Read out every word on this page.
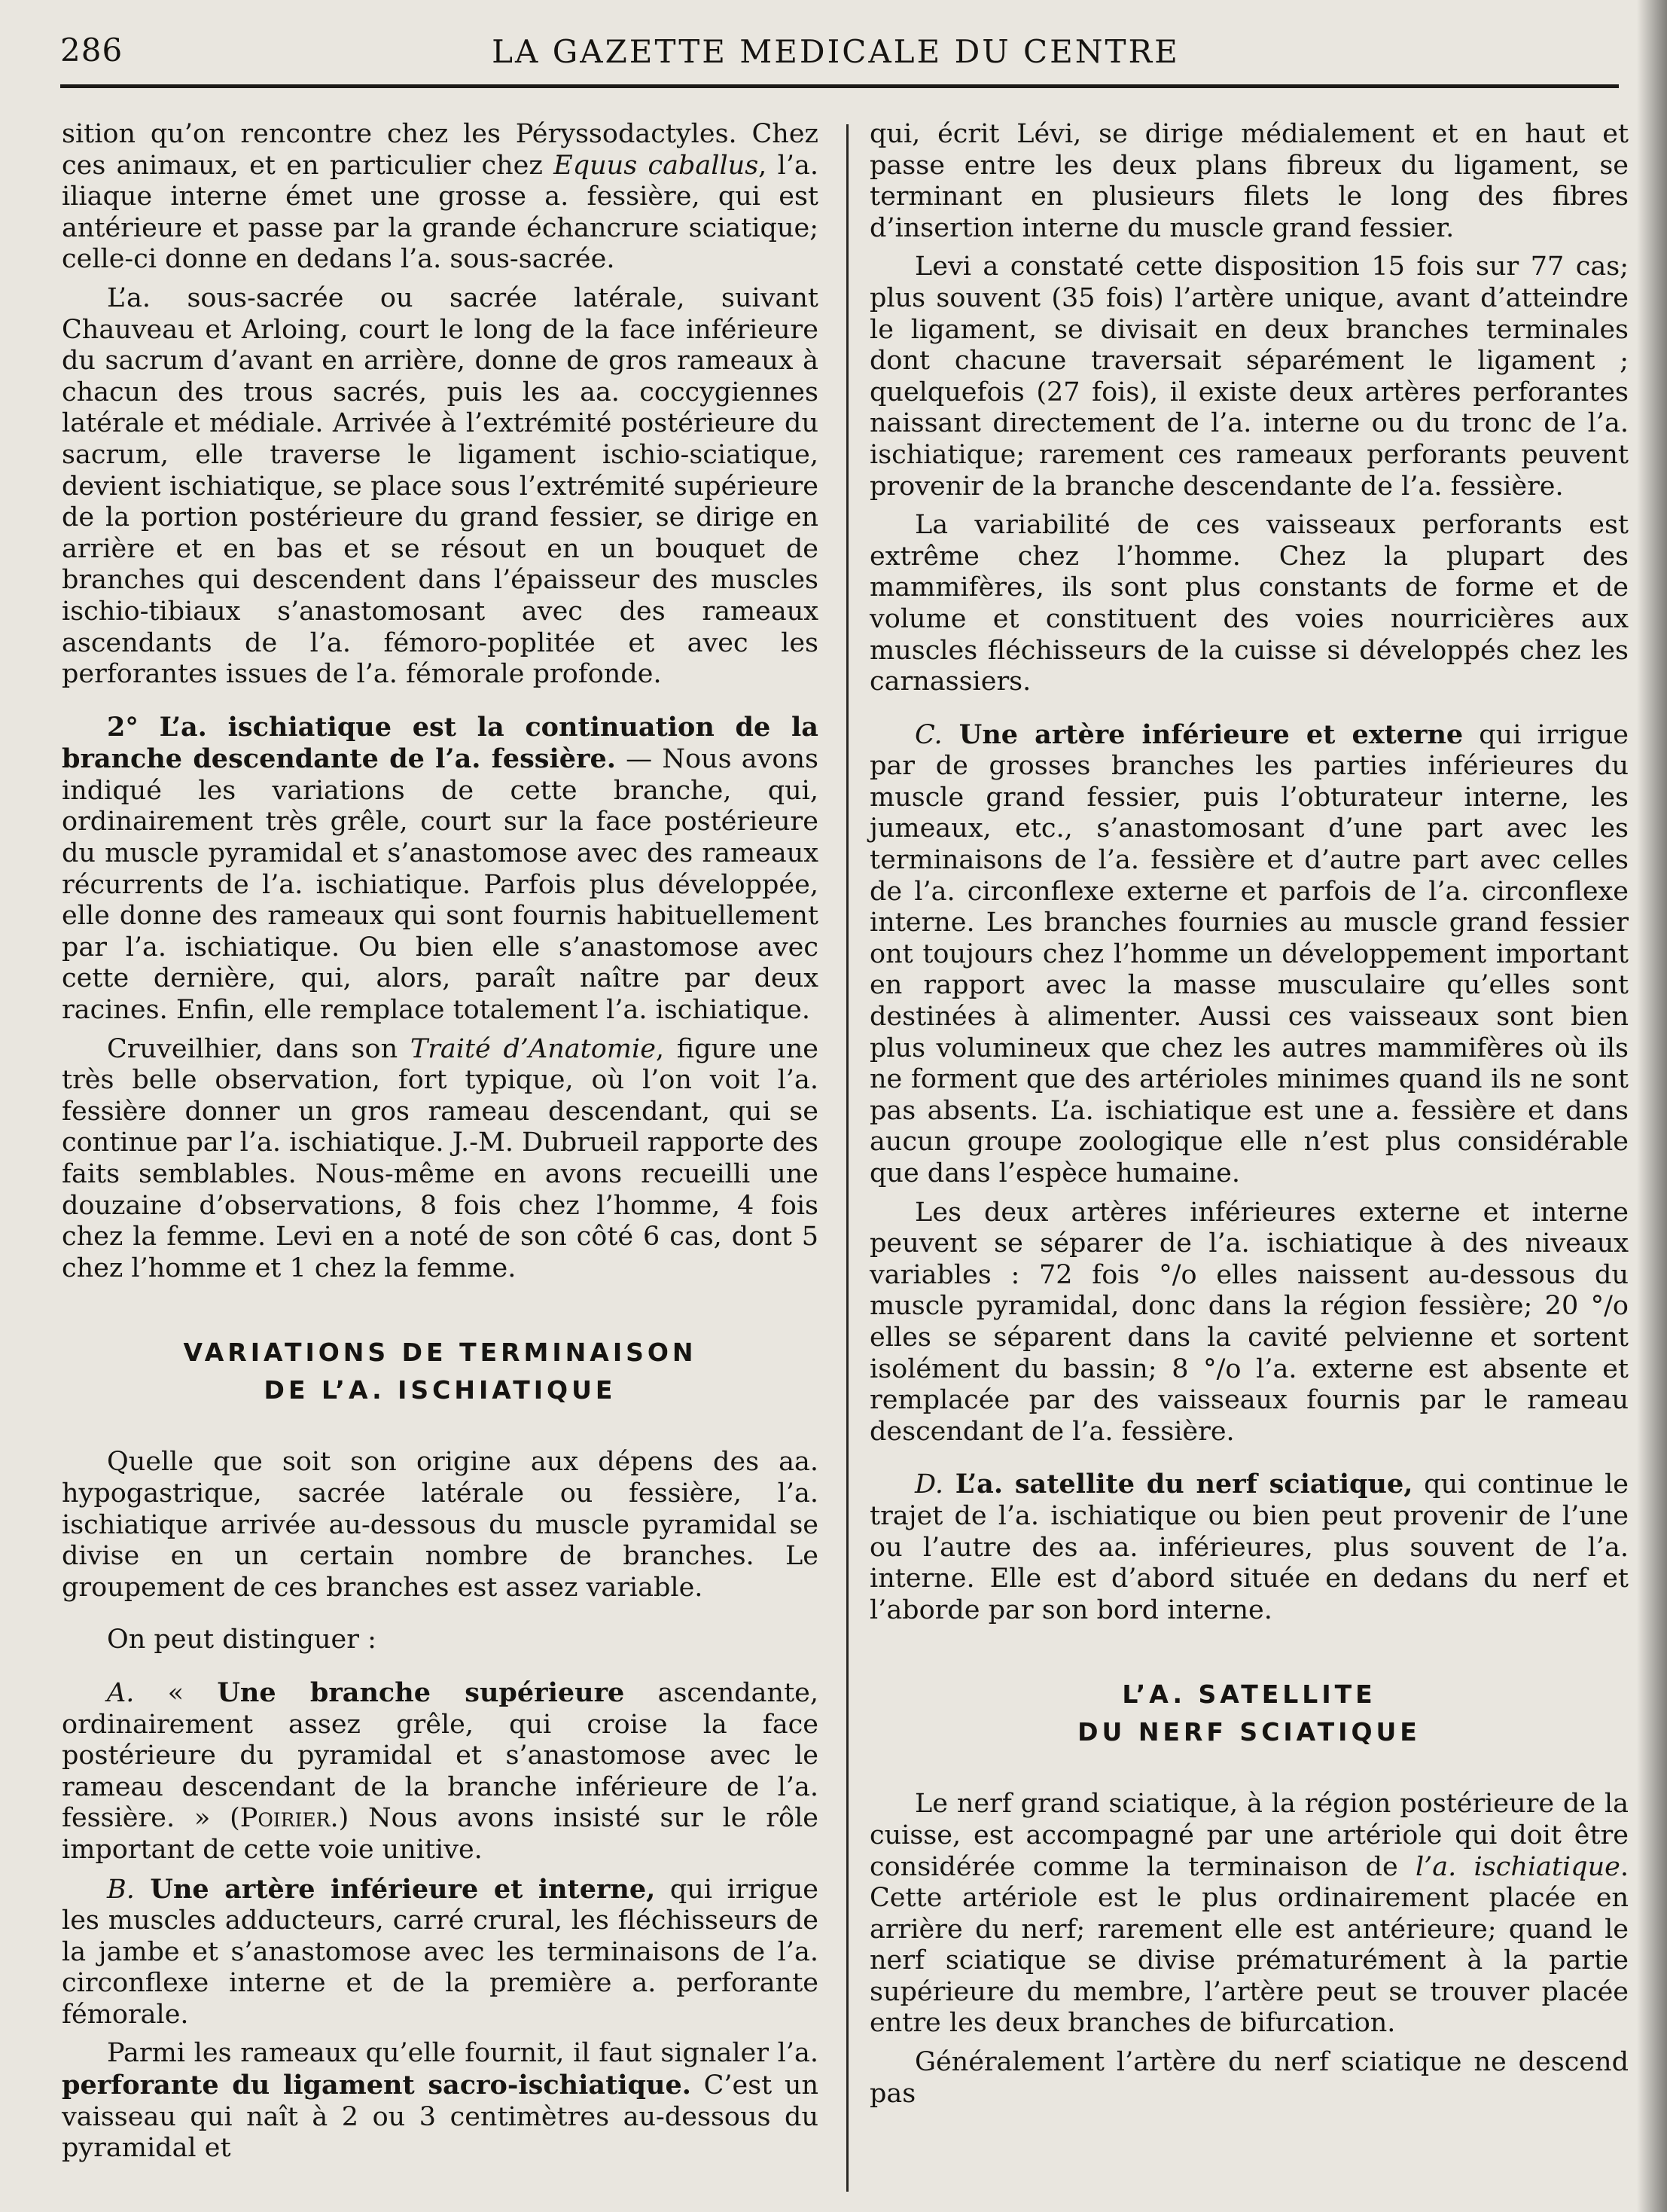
286	LA GAZETTE MEDICALE DU CENTRE

sition qu’on rencontre chez les Péryssodactyles. Chez ces animaux, et en particulier chez Equus caballus, l’a. iliaque interne émet une grosse a. fessière, qui est antérieure et passe par la grande échancrure sciatique; celle-ci donne en dedans l’a. sous-sacrée.

L’a. sous-sacrée ou sacrée latérale, suivant Chauveau et Arloing, court le long de la face inférieure du sacrum d’avant en arrière, donne de gros rameaux à chacun des trous sacrés, puis les aa. coccygiennes latérale et médiale. Arrivée à l’extrémité postérieure du sacrum, elle traverse le ligament ischio-sciatique, devient ischiatique, se place sous l’extrémité supérieure de la portion postérieure du grand fessier, se dirige en arrière et en bas et se résout en un bouquet de branches qui descendent dans l’épaisseur des muscles ischio-tibiaux s’anastomosant avec des rameaux ascendants de l’a. fémoro-poplitée et avec les perforantes issues de l’a. fémorale profonde.

2° L’a. ischiatique est la continuation de la branche descendante de l’a. fessière. — Nous avons indiqué les variations de cette branche, qui, ordinairement très grêle, court sur la face postérieure du muscle pyramidal et s’anastomose avec des rameaux récurrents de l’a. ischiatique. Parfois plus développée, elle donne des rameaux qui sont fournis habituellement par l’a. ischiatique. Ou bien elle s’anastomose avec cette dernière, qui, alors, paraît naître par deux racines. Enfin, elle remplace totalement l’a. ischiatique.

Cruveilhier, dans son Traité d’Anatomie, figure une très belle observation, fort typique, où l’on voit l’a. fessière donner un gros rameau descendant, qui se continue par l’a. ischiatique. J.-M. Dubrueil rapporte des faits semblables. Nous-même en avons recueilli une douzaine d’observations, 8 fois chez l’homme, 4 fois chez la femme. Levi en a noté de son côté 6 cas, dont 5 chez l’homme et 1 chez la femme.

VARIATIONS DE TERMINAISON
DE L’A. ISCHIATIQUE

Quelle que soit son origine aux dépens des aa. hypogastrique, sacrée latérale ou fessière, l’a. ischiatique arrivée au-dessous du muscle pyramidal se divise en un certain nombre de branches. Le groupement de ces branches est assez variable.

On peut distinguer :

A. « Une branche supérieure ascendante, ordinairement assez grêle, qui croise la face postérieure du pyramidal et s’anastomose avec le rameau descendant de la branche inférieure de l’a. fessière. » (Poirier.) Nous avons insisté sur le rôle important de cette voie unitive.

B. Une artère inférieure et interne, qui irrigue les muscles adducteurs, carré crural, les fléchisseurs de la jambe et s’anastomose avec les terminaisons de l’a. circonflexe interne et de la première a. perforante fémorale.

Parmi les rameaux qu’elle fournit, il faut signaler l’a. perforante du ligament sacro-ischiatique. C’est un vaisseau qui naît à 2 ou 3 centimètres au-dessous du pyramidal et

qui, écrit Lévi, se dirige médialement et en haut et passe entre les deux plans fibreux du ligament, se terminant en plusieurs filets le long des fibres d’insertion interne du muscle grand fessier.

Levi a constaté cette disposition 15 fois sur 77 cas; plus souvent (35 fois) l’artère unique, avant d’atteindre le ligament, se divisait en deux branches terminales dont chacune traversait séparément le ligament ; quelquefois (27 fois), il existe deux artères perforantes naissant directement de l’a. interne ou du tronc de l’a. ischiatique; rarement ces rameaux perforants peuvent provenir de la branche descendante de l’a. fessière.

La variabilité de ces vaisseaux perforants est extrême chez l’homme. Chez la plupart des mammifères, ils sont plus constants de forme et de volume et constituent des voies nourricières aux muscles fléchisseurs de la cuisse si développés chez les carnassiers.

C. Une artère inférieure et externe qui irrigue par de grosses branches les parties inférieures du muscle grand fessier, puis l’obturateur interne, les jumeaux, etc., s’anastomosant d’une part avec les terminaisons de l’a. fessière et d’autre part avec celles de l’a. circonflexe externe et parfois de l’a. circonflexe interne. Les branches fournies au muscle grand fessier ont toujours chez l’homme un développement important en rapport avec la masse musculaire qu’elles sont destinées à alimenter. Aussi ces vaisseaux sont bien plus volumineux que chez les autres mammifères où ils ne forment que des artérioles minimes quand ils ne sont pas absents. L’a. ischiatique est une a. fessière et dans aucun groupe zoologique elle n’est plus considérable que dans l’espèce humaine.

Les deux artères inférieures externe et interne peuvent se séparer de l’a. ischiatique à des niveaux variables : 72 fois °/o elles naissent au-dessous du muscle pyramidal, donc dans la région fessière; 20 °/o elles se séparent dans la cavité pelvienne et sortent isolément du bassin; 8 °/o l’a. externe est absente et remplacée par des vaisseaux fournis par le rameau descendant de l’a. fessière.

D. L’a. satellite du nerf sciatique, qui continue le trajet de l’a. ischiatique ou bien peut provenir de l’une ou l’autre des aa. inférieures, plus souvent de l’a. interne. Elle est d’abord située en dedans du nerf et l’aborde par son bord interne.

L’A. SATELLITE
DU NERF SCIATIQUE

Le nerf grand sciatique, à la région postérieure de la cuisse, est accompagné par une artériole qui doit être considérée comme la terminaison de l’a. ischiatique. Cette artériole est le plus ordinairement placée en arrière du nerf; rarement elle est antérieure; quand le nerf sciatique se divise prématurément à la partie supérieure du membre, l’artère peut se trouver placée entre les deux branches de bifurcation.

Généralement l’artère du nerf sciatique ne descend pas
